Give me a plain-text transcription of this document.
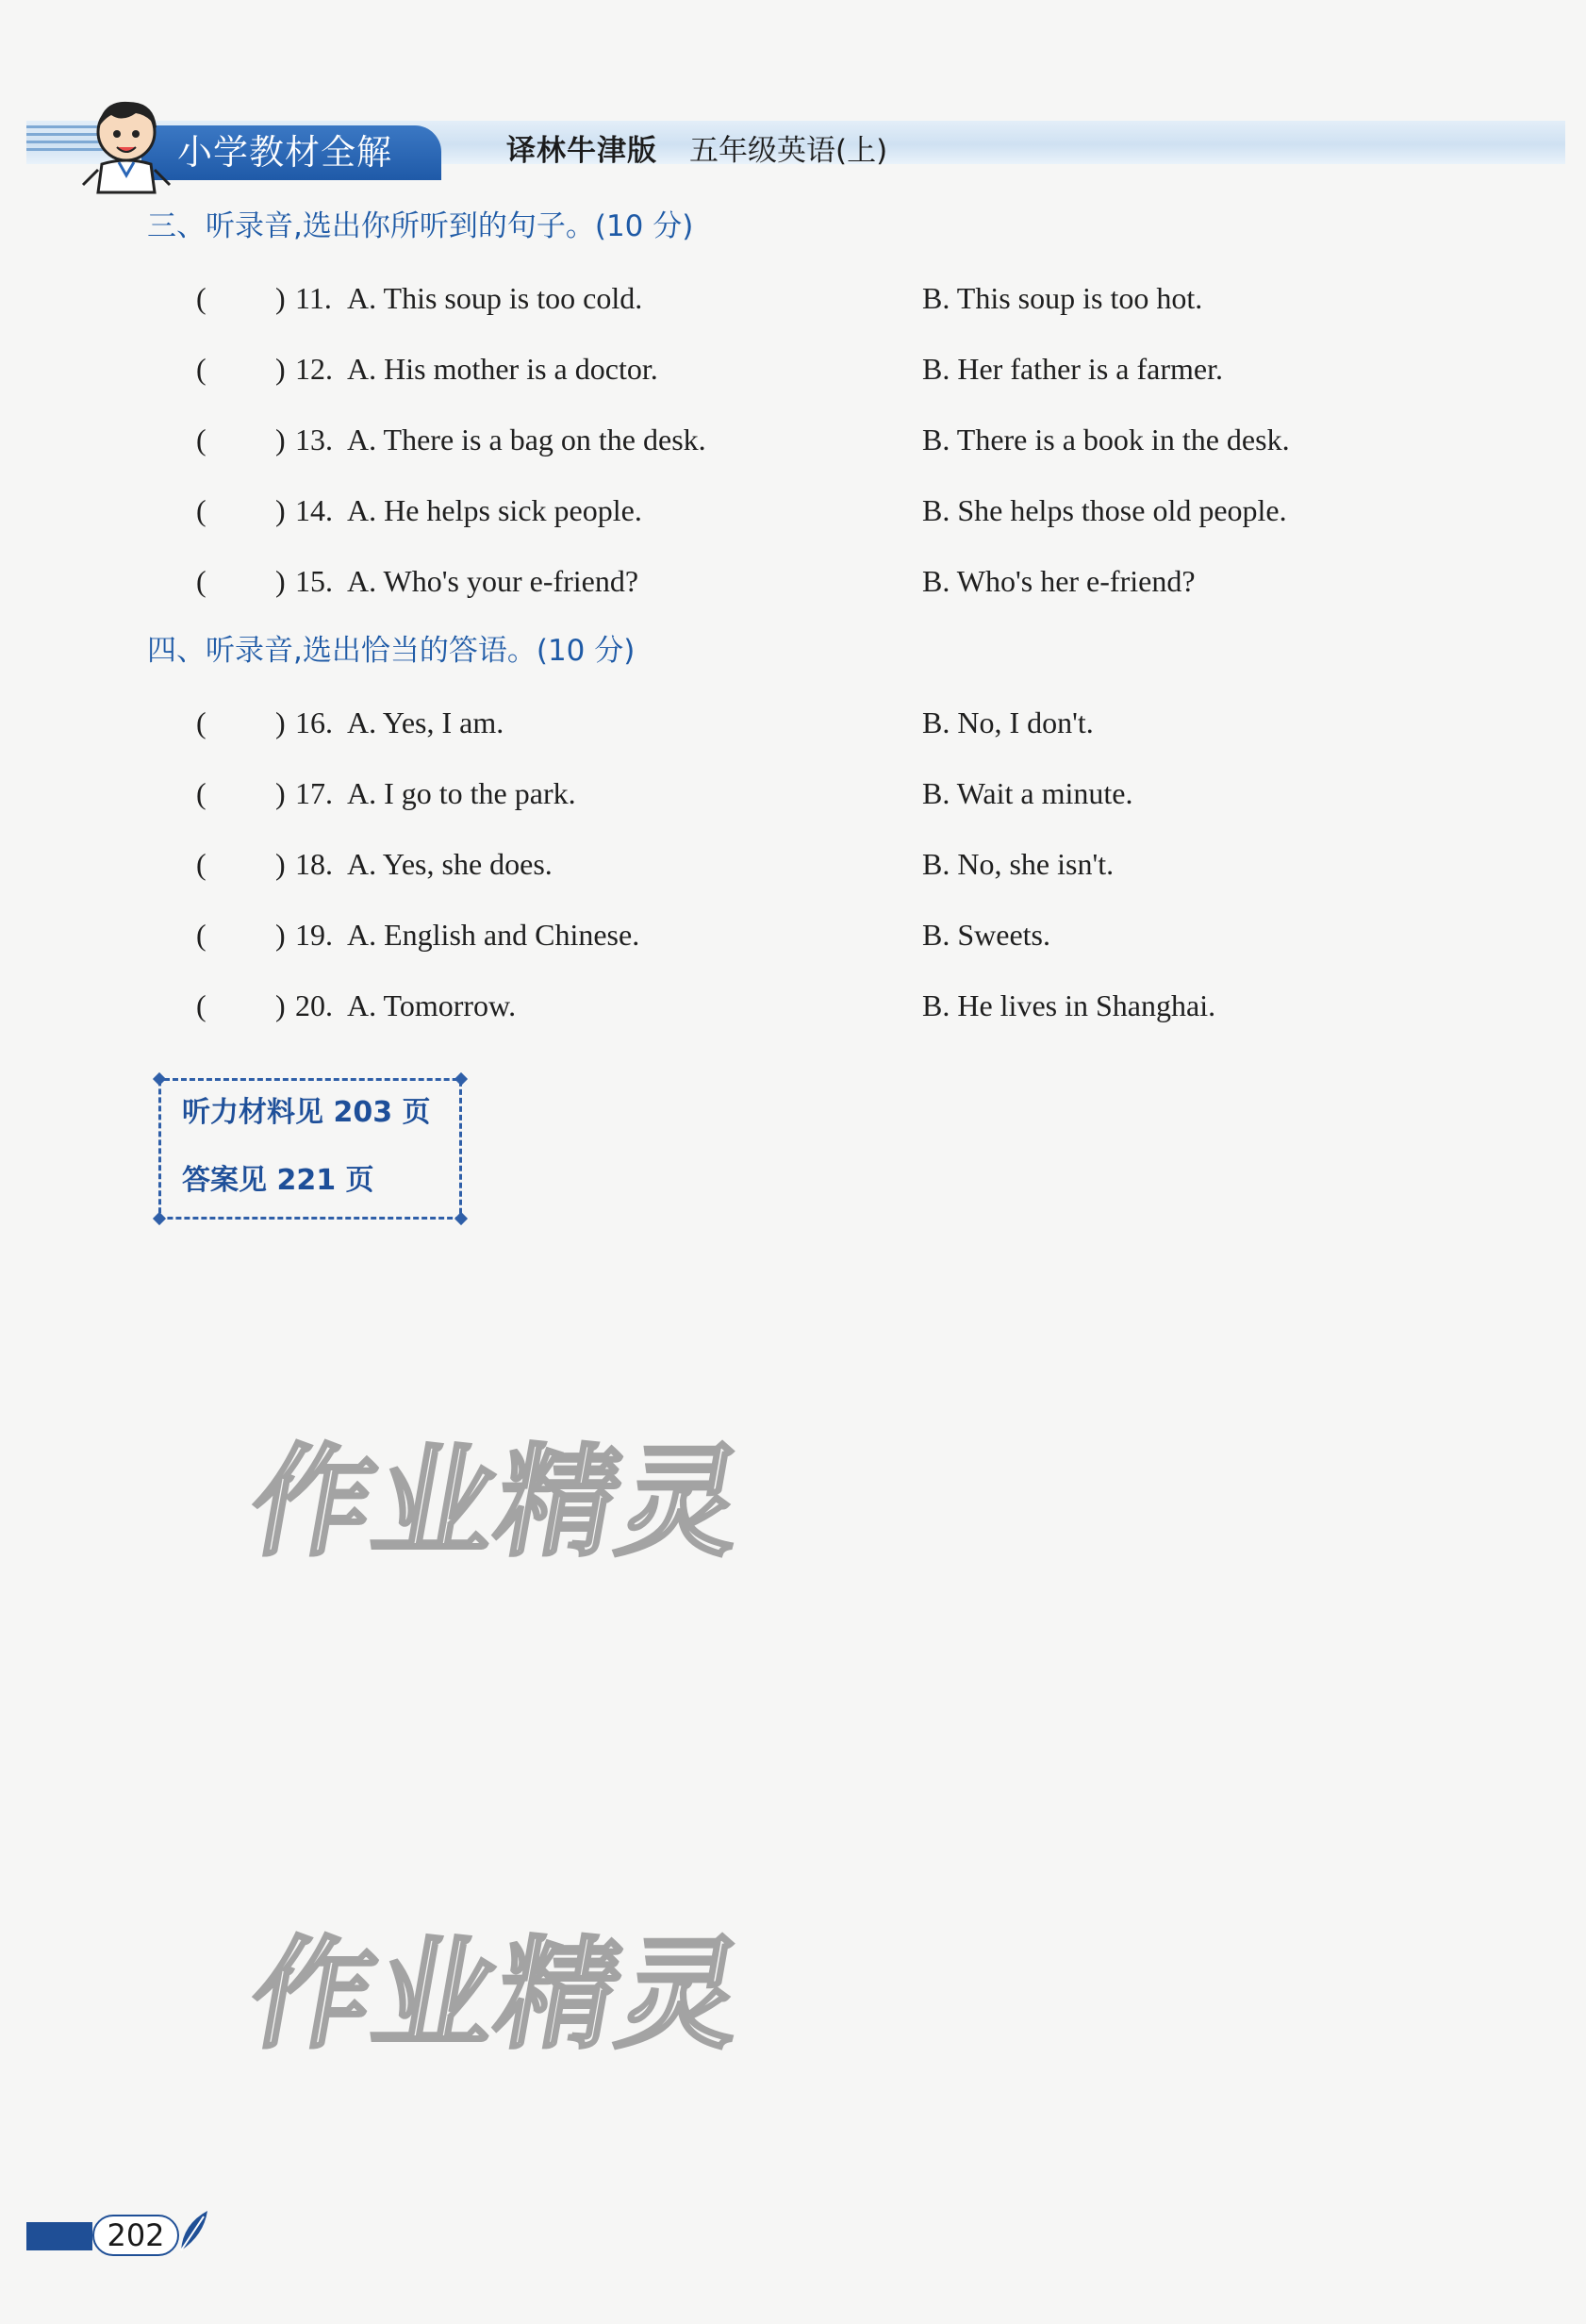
小学教材全解	译林牛津版 五年级英语(上)
三、听录音,选出你所听到的句子。(10 分)
( ) 11. A. This soup is too cold.	B. This soup is too hot.
( ) 12. A. His mother is a doctor.	B. Her father is a farmer.
( ) 13. A. There is a bag on the desk.	B. There is a book in the desk.
( ) 14. A. He helps sick people.	B. She helps those old people.
( ) 15. A. Who's your e-friend?	B. Who's her e-friend?
四、听录音,选出恰当的答语。(10 分)
( ) 16. A. Yes, I am.	B. No, I don't.
( ) 17. A. I go to the park.	B. Wait a minute.
( ) 18. A. Yes, she does.	B. No, she isn't.
( ) 19. A. English and Chinese.	B. Sweets.
( ) 20. A. Tomorrow.	B. He lives in Shanghai.
听力材料见 203 页
答案见 221 页
作业精灵
作业精灵
202
